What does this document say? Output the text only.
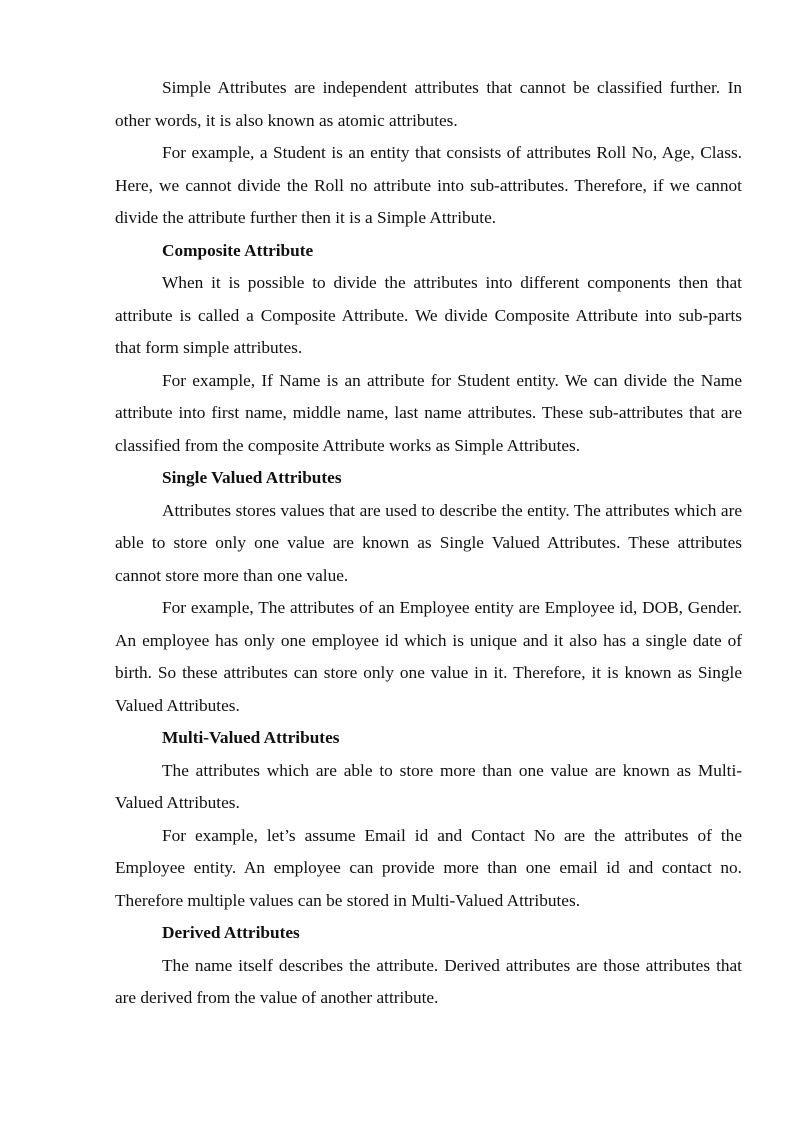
Simple Attributes are independent attributes that cannot be classified further. In other words, it is also known as atomic attributes.

For example, a Student is an entity that consists of attributes Roll No, Age, Class. Here, we cannot divide the Roll no attribute into sub-attributes. Therefore, if we cannot divide the attribute further then it is a Simple Attribute.

Composite Attribute

When it is possible to divide the attributes into different components then that attribute is called a Composite Attribute. We divide Composite Attribute into sub-parts that form simple attributes.

For example, If Name is an attribute for Student entity. We can divide the Name attribute into first name, middle name, last name attributes. These sub-attributes that are classified from the composite Attribute works as Simple Attributes.

Single Valued Attributes

Attributes stores values that are used to describe the entity. The attributes which are able to store only one value are known as Single Valued Attributes. These attributes cannot store more than one value.

For example, The attributes of an Employee entity are Employee id, DOB, Gender. An employee has only one employee id which is unique and it also has a single date of birth. So these attributes can store only one value in it. Therefore, it is known as Single Valued Attributes.

Multi-Valued Attributes

The attributes which are able to store more than one value are known as Multi-Valued Attributes.

For example, let’s assume Email id and Contact No are the attributes of the Employee entity. An employee can provide more than one email id and contact no. Therefore multiple values can be stored in Multi-Valued Attributes.

Derived Attributes

The name itself describes the attribute. Derived attributes are those attributes that are derived from the value of another attribute.
